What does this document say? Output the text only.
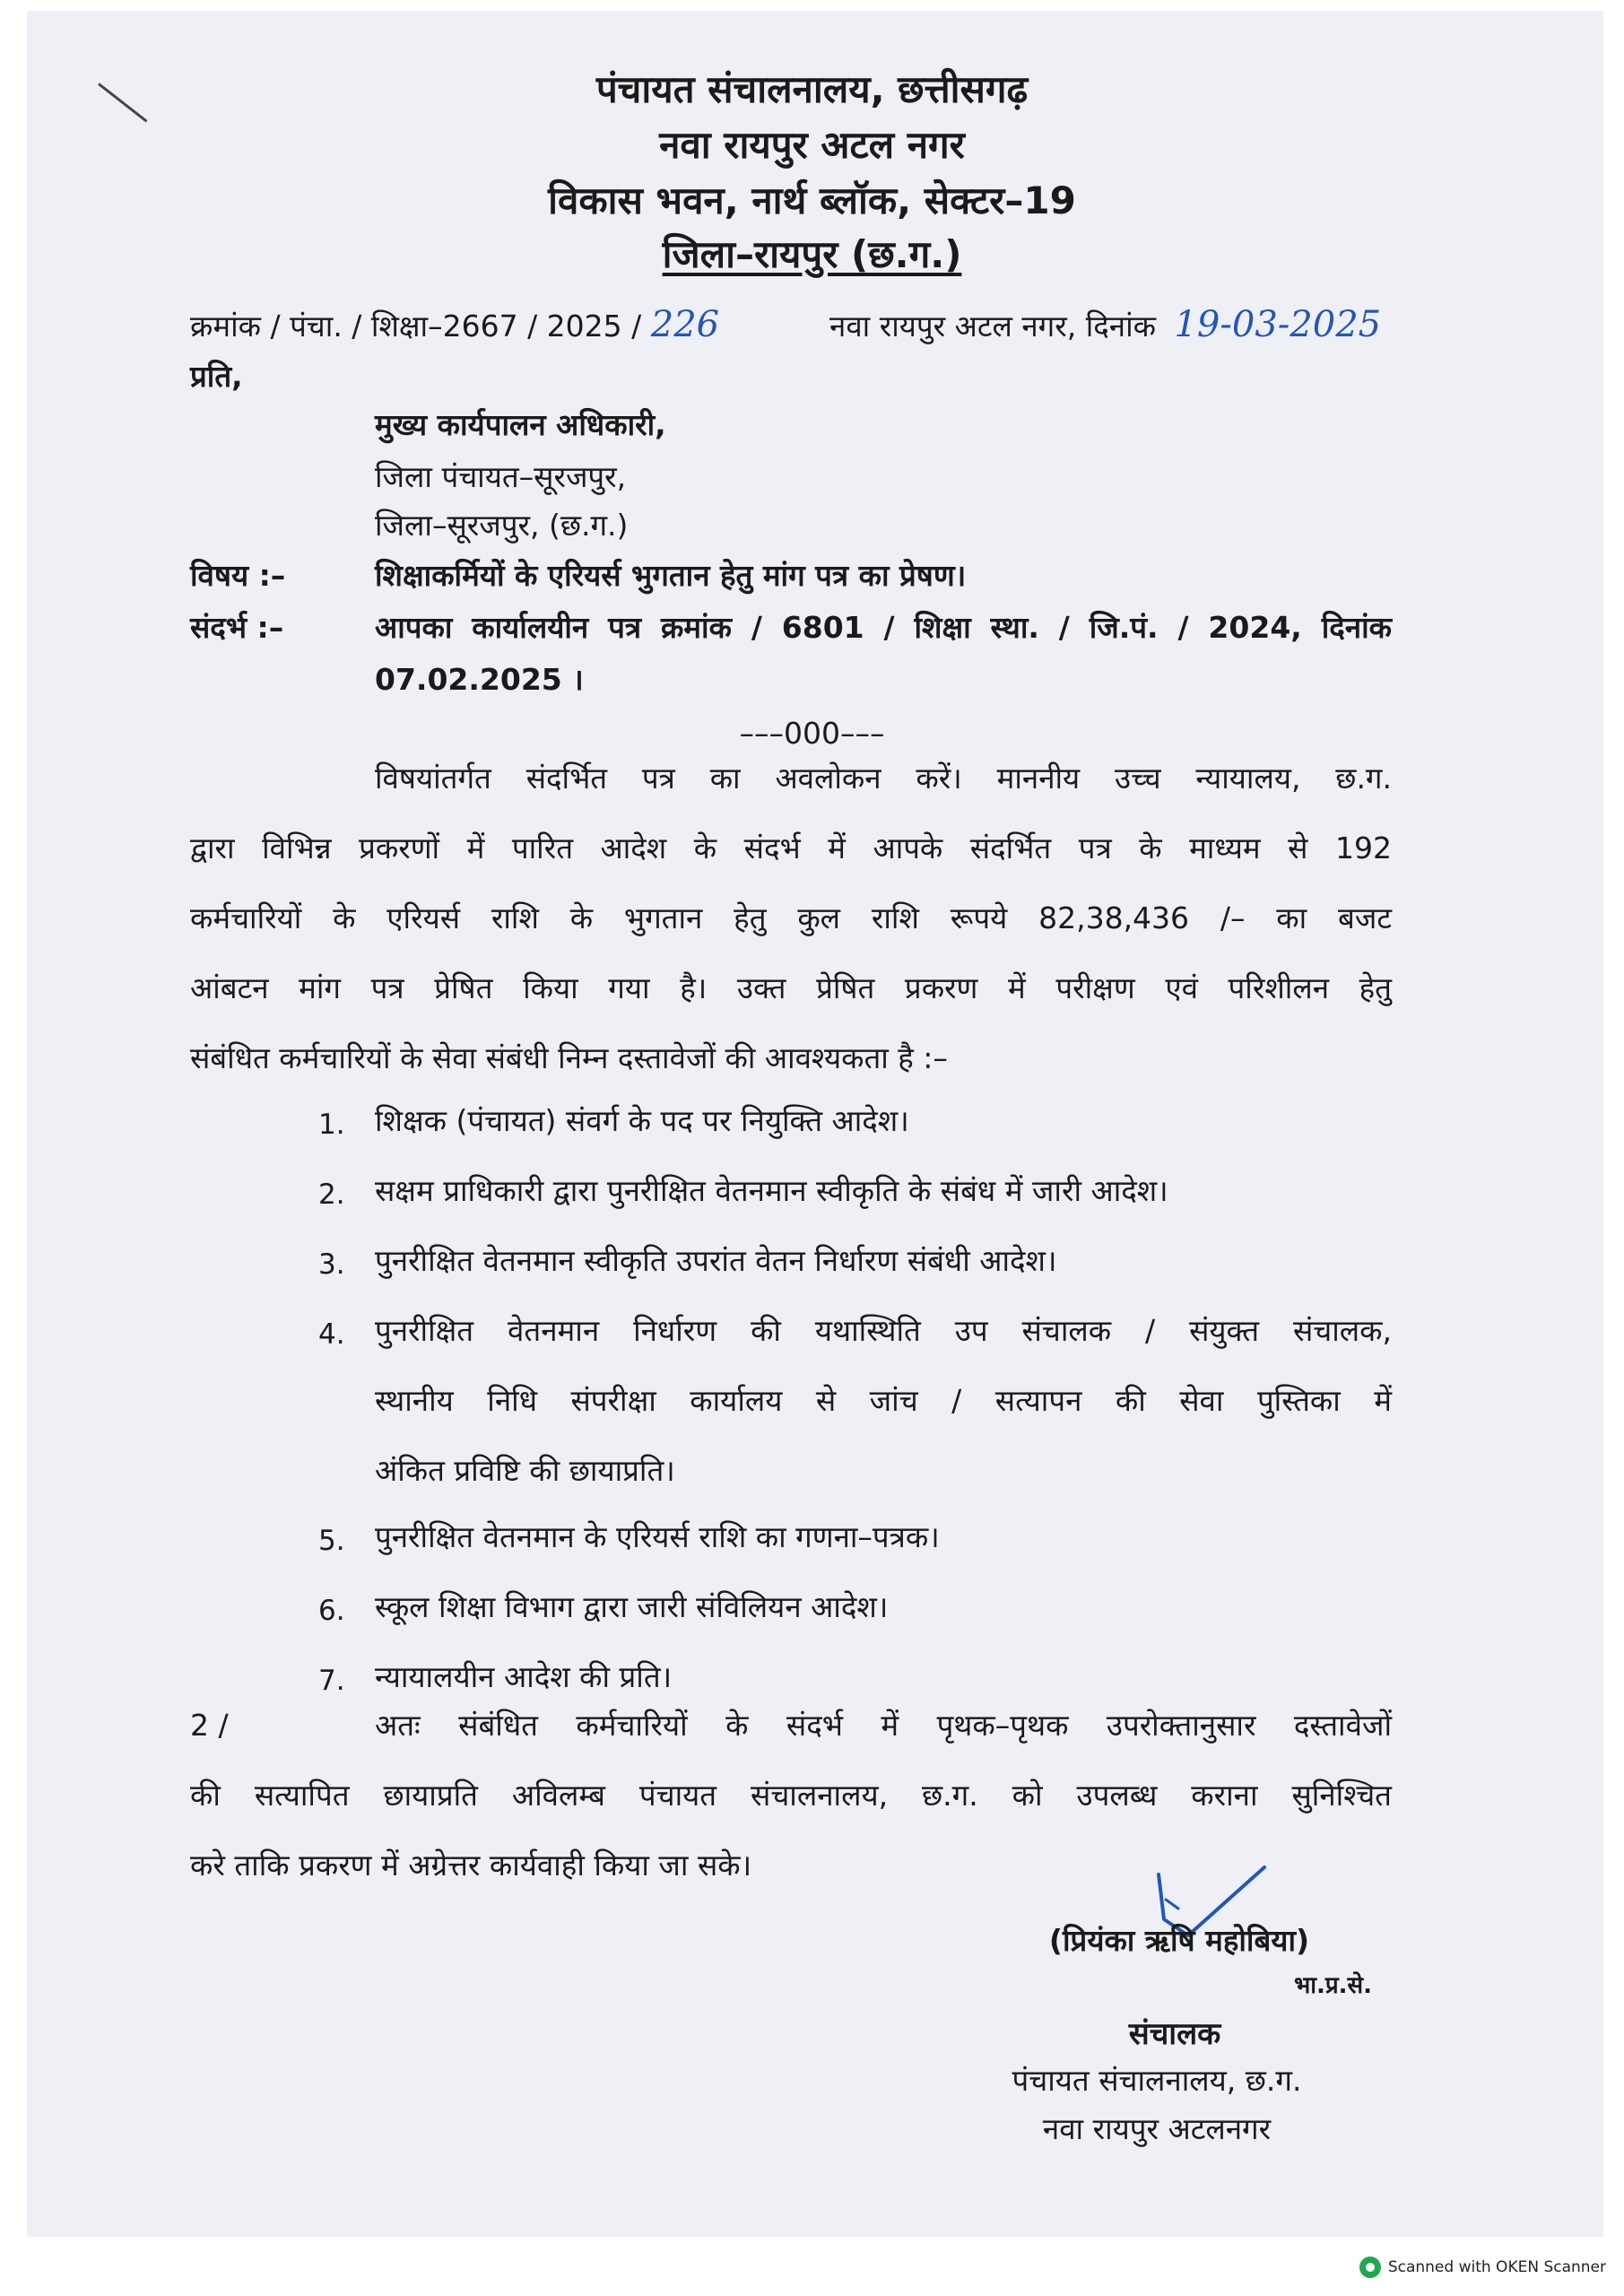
पंचायत संचालनालय, छत्तीसगढ़
नवा रायपुर अटल नगर
विकास भवन, नार्थ ब्लॉक, सेक्टर–19
जिला–रायपुर (छ.ग.)
क्रमांक / पंचा. / शिक्षा–2667 / 2025 / 226	नवा रायपुर अटल नगर, दिनांक 19-03-2025
प्रति,
मुख्य कार्यपालन अधिकारी,
जिला पंचायत–सूरजपुर,
जिला–सूरजपुर, (छ.ग.)
विषय :–	शिक्षाकर्मियों के एरियर्स भुगतान हेतु मांग पत्र का प्रेषण।
संदर्भ :–	आपका कार्यालयीन पत्र क्रमांक / 6801 / शिक्षा स्था. / जि.पं. / 2024, दिनांक
07.02.2025 ।
–––000–––
विषयांतर्गत संदर्भित पत्र का अवलोकन करें। माननीय उच्च न्यायालय, छ.ग.
द्वारा विभिन्न प्रकरणों में पारित आदेश के संदर्भ में आपके संदर्भित पत्र के माध्यम से 192
कर्मचारियों के एरियर्स राशि के भुगतान हेतु कुल राशि रूपये 82,38,436 /– का बजट
आंबटन मांग पत्र प्रेषित किया गया है। उक्त प्रेषित प्रकरण में परीक्षण एवं परिशीलन हेतु
संबंधित कर्मचारियों के सेवा संबंधी निम्न दस्तावेजों की आवश्यकता है :–
1.	शिक्षक (पंचायत) संवर्ग के पद पर नियुक्ति आदेश।
2.	सक्षम प्राधिकारी द्वारा पुनरीक्षित वेतनमान स्वीकृति के संबंध में जारी आदेश।
3.	पुनरीक्षित वेतनमान स्वीकृति उपरांत वेतन निर्धारण संबंधी आदेश।
4.	पुनरीक्षित वेतनमान निर्धारण की यथास्थिति उप संचालक / संयुक्त संचालक,
स्थानीय निधि संपरीक्षा कार्यालय से जांच / सत्यापन की सेवा पुस्तिका में
अंकित प्रविष्टि की छायाप्रति।
5.	पुनरीक्षित वेतनमान के एरियर्स राशि का गणना–पत्रक।
6.	स्कूल शिक्षा विभाग द्वारा जारी संविलियन आदेश।
7.	न्यायालयीन आदेश की प्रति।
2 /	अतः संबंधित कर्मचारियों के संदर्भ में पृथक–पृथक उपरोक्तानुसार दस्तावेजों
की सत्यापित छायाप्रति अविलम्ब पंचायत संचालनालय, छ.ग. को उपलब्ध कराना सुनिश्चित
करे ताकि प्रकरण में अग्रेत्तर कार्यवाही किया जा सके।
(प्रियंका ऋषि महोबिया)
भा.प्र.से.
संचालक
पंचायत संचालनालय, छ.ग.
नवा रायपुर अटलनगर
Scanned with OKEN Scanner
